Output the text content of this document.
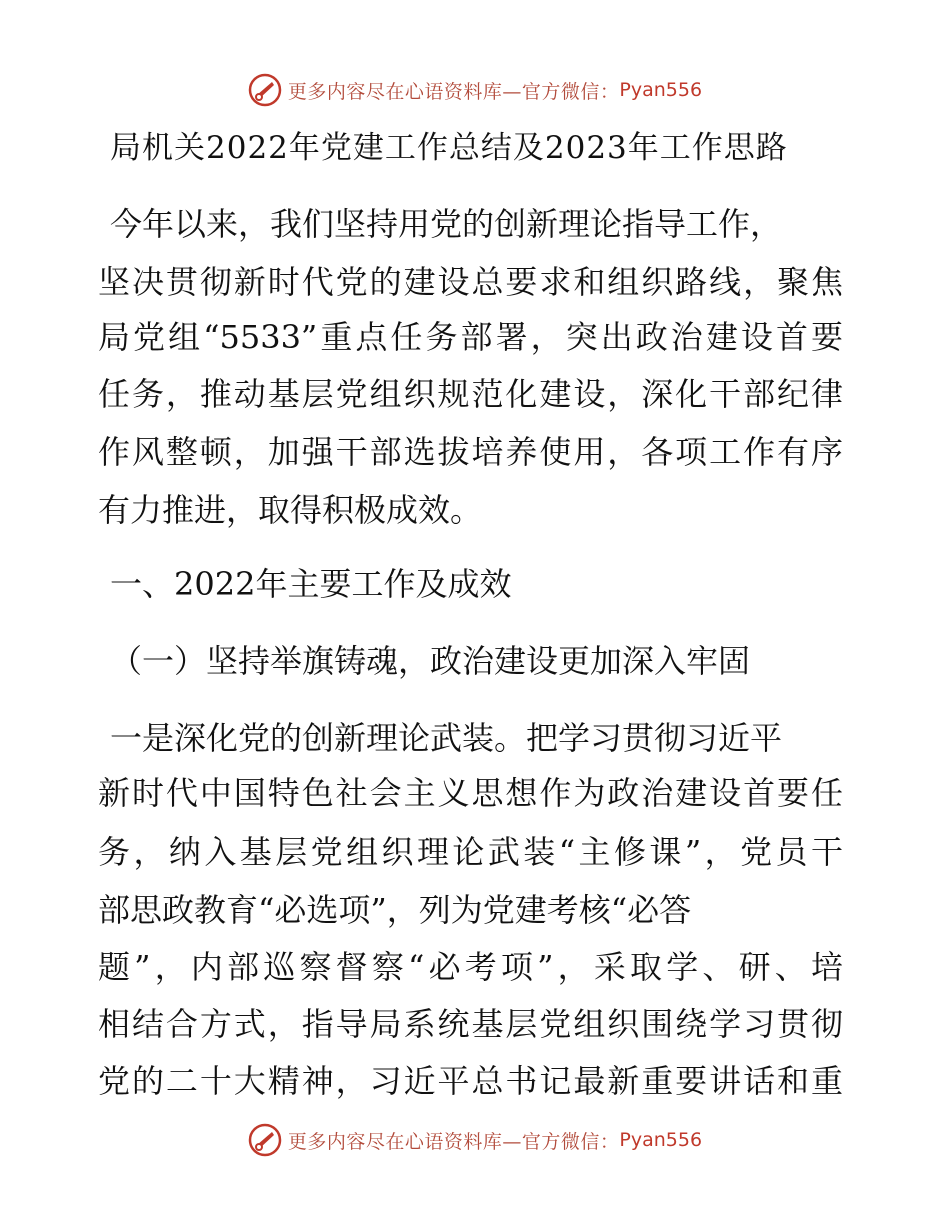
更多内容尽在心语资料库—官方微信： Pyan556
局机关2022年党建工作总结及2023年工作思路
今年以来，我们坚持用党的创新理论指导工作，
坚决贯彻新时代党的建设总要求和组织路线，聚焦
局党组“5533”重点任务部署，突出政治建设首要
任务，推动基层党组织规范化建设，深化干部纪律
作风整顿，加强干部选拔培养使用，各项工作有序
有力推进，取得积极成效。
一、2022年主要工作及成效
（一）坚持举旗铸魂，政治建设更加深入牢固
一是深化党的创新理论武装。把学习贯彻习近平
新时代中国特色社会主义思想作为政治建设首要任
务，纳入基层党组织理论武装“主修课”，党员干
部思政教育“必选项”，列为党建考核“必答
题”，内部巡察督察“必考项”，采取学、研、培
相结合方式，指导局系统基层党组织围绕学习贯彻
党的二十大精神，习近平总书记最新重要讲话和重
更多内容尽在心语资料库—官方微信： Pyan556
